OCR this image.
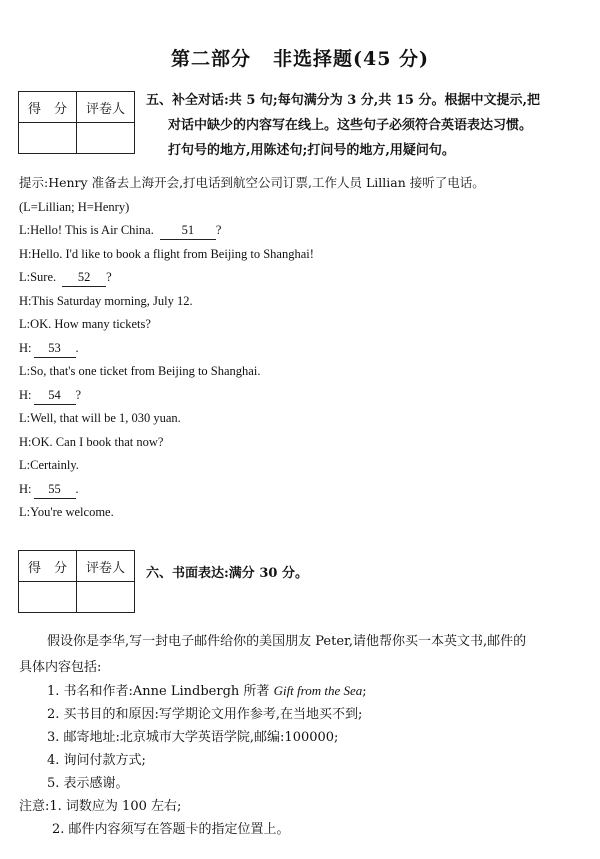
第二部分 非选择题(45 分)
得　分	评卷人

五、补全对话:共 5 句;每句满分为 3 分,共 15 分。根据中文提示,把
对话中缺少的内容写在线上。这些句子必须符合英语表达习惯。
打句号的地方,用陈述句;打问号的地方,用疑问句。
提示:Henry 准备去上海开会,打电话到航空公司订票,工作人员 Lillian 接听了电话。
(L=Lillian; H=Henry)
L:Hello! This is Air China. 51 ?
H:Hello. I'd like to book a flight from Beijing to Shanghai!
L:Sure. 52 ?
H:This Saturday morning, July 12.
L:OK. How many tickets?
H: 53 .
L:So, that's one ticket from Beijing to Shanghai.
H: 54 ?
L:Well, that will be 1, 030 yuan.
H:OK. Can I book that now?
L:Certainly.
H: 55 .
L:You're welcome.
得　分	评卷人
	六、书面表达:满分 30 分。
假设你是李华,写一封电子邮件给你的美国朋友 Peter,请他帮你买一本英文书,邮件的
具体内容包括:
1. 书名和作者:Anne Lindbergh 所著 Gift from the Sea;
2. 买书目的和原因:写学期论文用作参考,在当地买不到;
3. 邮寄地址:北京城市大学英语学院,邮编:100000;
4. 询问付款方式;
5. 表示感谢。
注意:1. 词数应为 100 左右;
2. 邮件内容须写在答题卡的指定位置上。
